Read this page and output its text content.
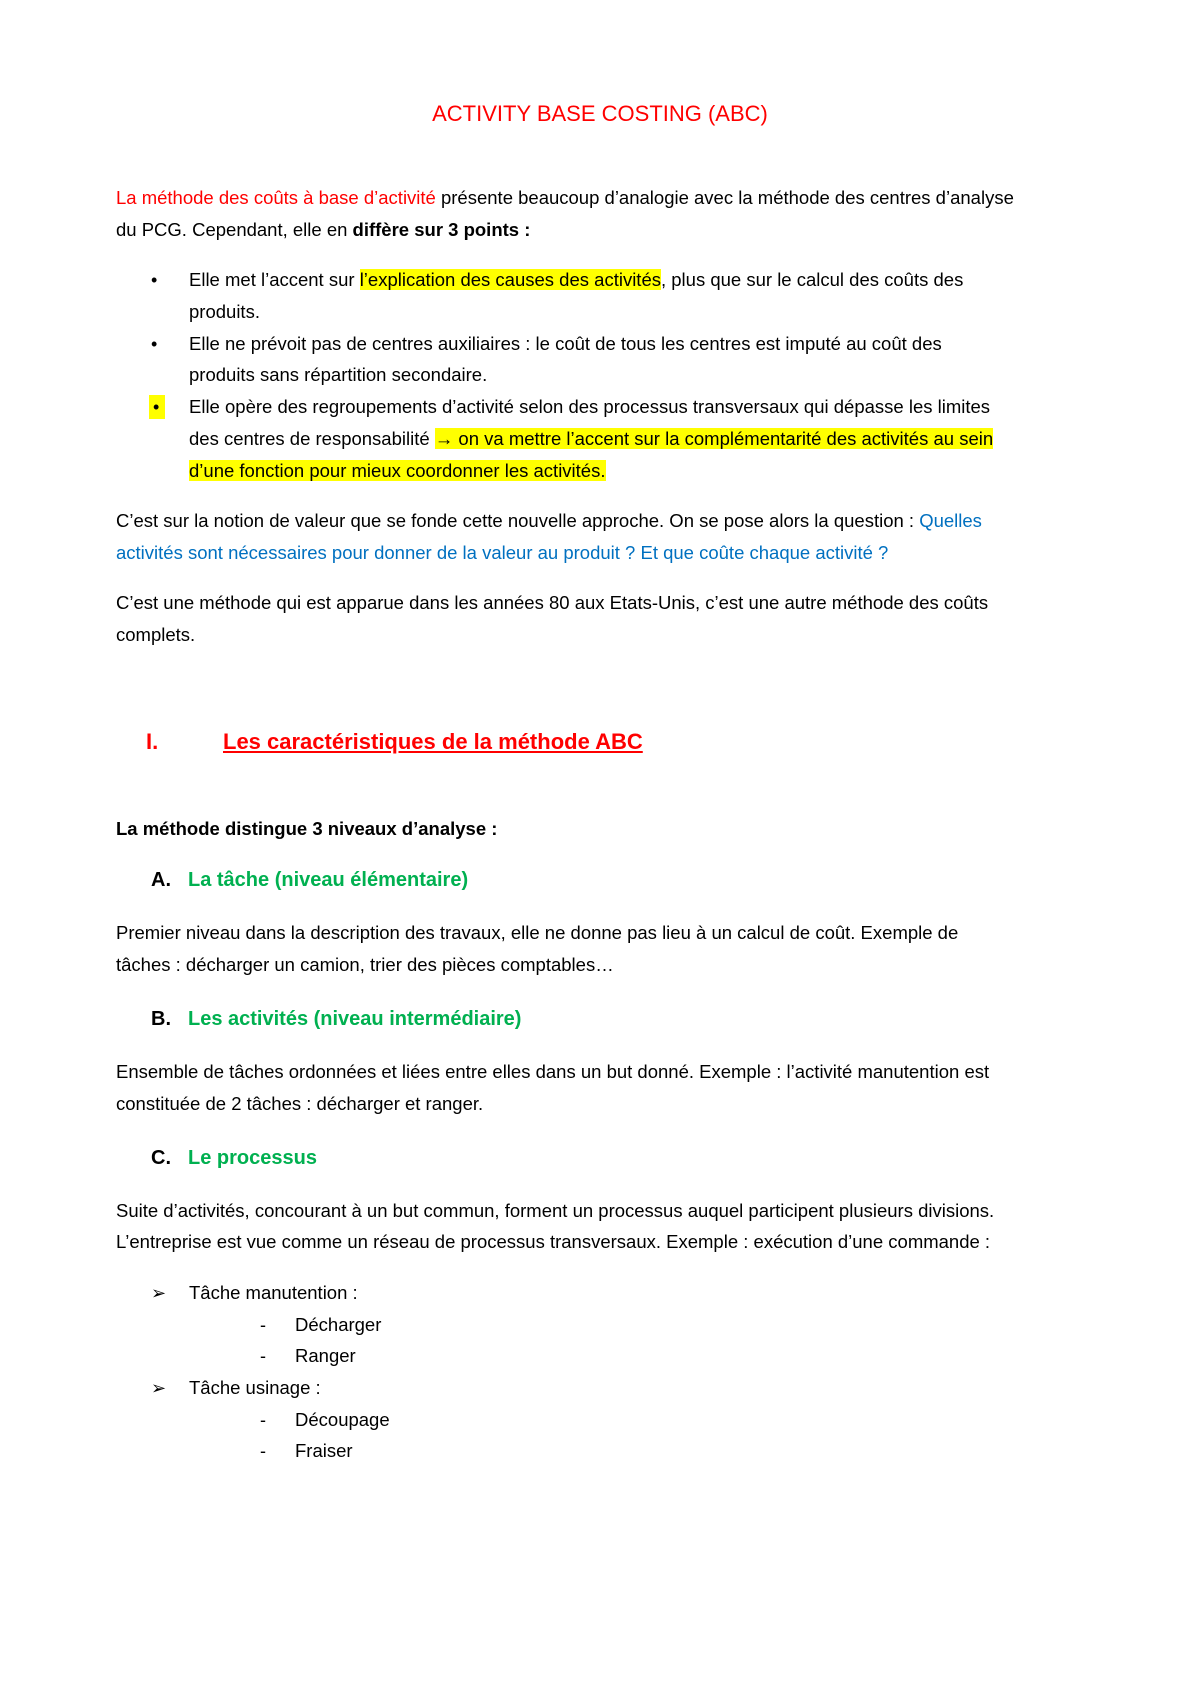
ACTIVITY BASE COSTING (ABC)
La méthode des coûts à base d’activité présente beaucoup d’analogie avec la méthode des centres d’analyse
du PCG. Cependant, elle en diffère sur 3 points :
• Elle met l’accent sur l’explication des causes des activités, plus que sur le calcul des coûts des
produits.
• Elle ne prévoit pas de centres auxiliaires : le coût de tous les centres est imputé au coût des
produits sans répartition secondaire.
•	Elle opère des regroupements d’activité selon des processus transversaux qui dépasse les limites
des centres de responsabilité → on va mettre l’accent sur la complémentarité des activités au sein
d’une fonction pour mieux coordonner les activités.
C’est sur la notion de valeur que se fonde cette nouvelle approche. On se pose alors la question : Quelles
activités sont nécessaires pour donner de la valeur au produit ? Et que coûte chaque activité ?
C’est une méthode qui est apparue dans les années 80 aux Etats-Unis, c’est une autre méthode des coûts
complets.
I.	Les caractéristiques de la méthode ABC
La méthode distingue 3 niveaux d’analyse :
A. La tâche (niveau élémentaire)
Premier niveau dans la description des travaux, elle ne donne pas lieu à un calcul de coût. Exemple de
tâches : décharger un camion, trier des pièces comptables…
B. Les activités (niveau intermédiaire)
Ensemble de tâches ordonnées et liées entre elles dans un but donné. Exemple : l’activité manutention est
constituée de 2 tâches : décharger et ranger.
C. Le processus
Suite d’activités, concourant à un but commun, forment un processus auquel participent plusieurs divisions.
L’entreprise est vue comme un réseau de processus transversaux. Exemple : exécution d’une commande :
➢ Tâche manutention :
- Décharger
- Ranger
➢ Tâche usinage :
- Découpage
- Fraiser
